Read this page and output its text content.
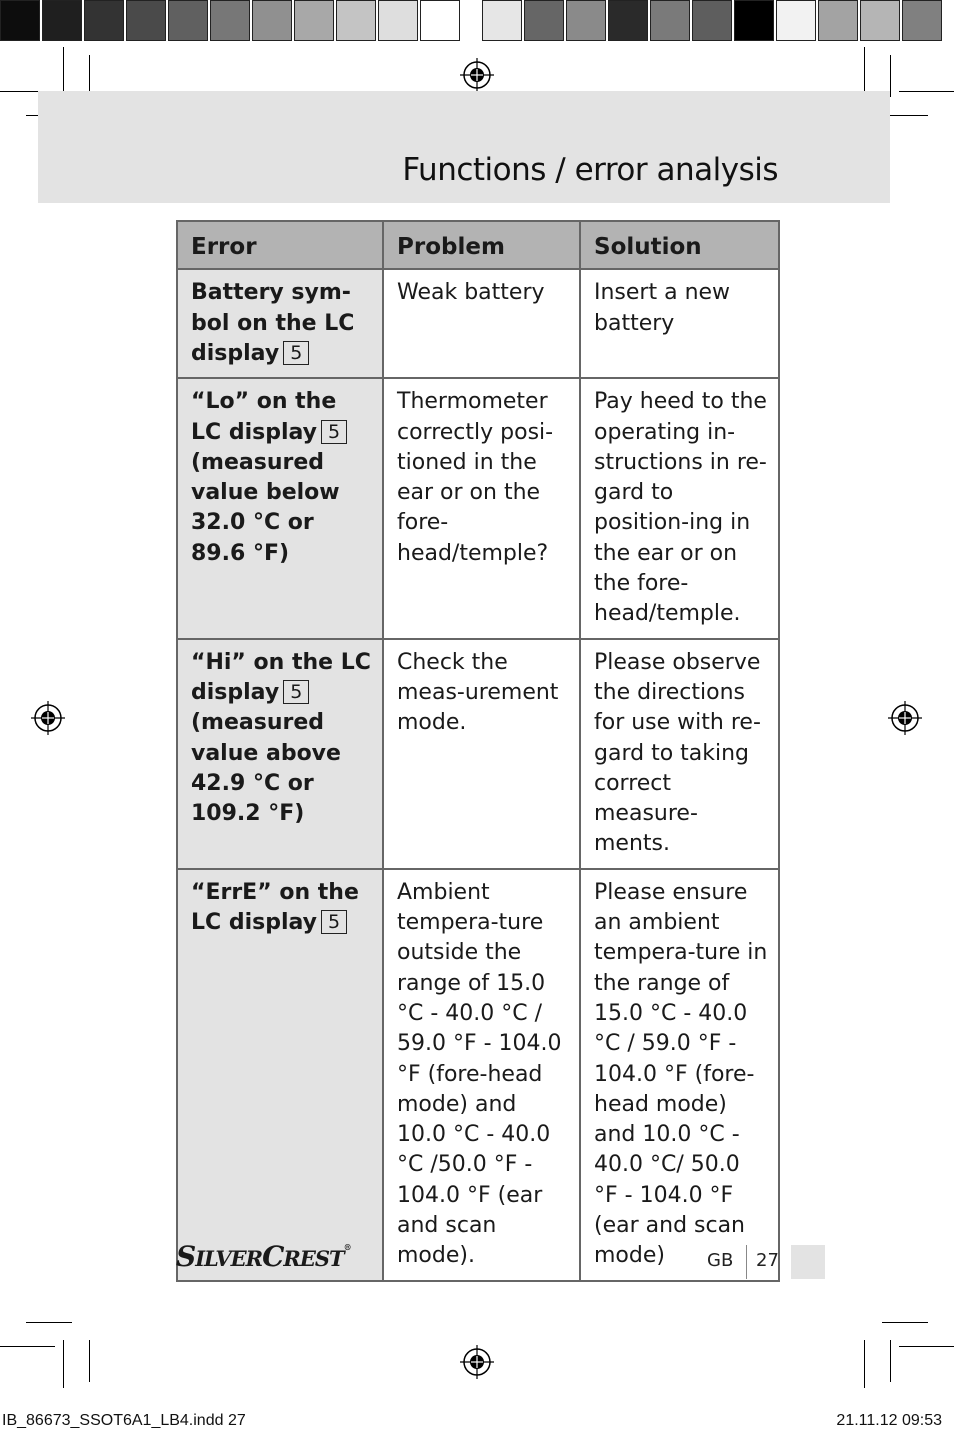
Functions / error analysis
Error	Problem	Solution
Battery sym-bol on the LC display 5	Weak battery	Insert a new battery
“Lo” on the LC display 5 (measured value below 32.0 °C or 89.6 °F)	Thermometer correctly posi-tioned in the ear or on the fore-head/temple?	Pay heed to the operating in-structions in re-gard to position-ing in the ear or on the fore-head/temple.
“Hi” on the LC display 5 (measured value above 42.9 °C or 109.2 °F)	Check the meas-urement mode.	Please observe the directions for use with re-gard to taking correct measure-ments.
“ErrE” on the LC display 5	Ambient tempera-ture outside the range of 15.0 °C - 40.0 °C / 59.0 °F - 104.0 °F (fore-head mode) and 10.0 °C - 40.0 °C /50.0 °F - 104.0 °F (ear and scan mode).	Please ensure an ambient tempera-ture in the range of 15.0 °C - 40.0 °C / 59.0 °F - 104.0 °F (fore-head mode) and 10.0 °C - 40.0 °C/ 50.0 °F - 104.0 °F (ear and scan mode)
SILVERCREST®
GB 27
IB_86673_SSOT6A1_LB4.indd 27	21.11.12 09:53
